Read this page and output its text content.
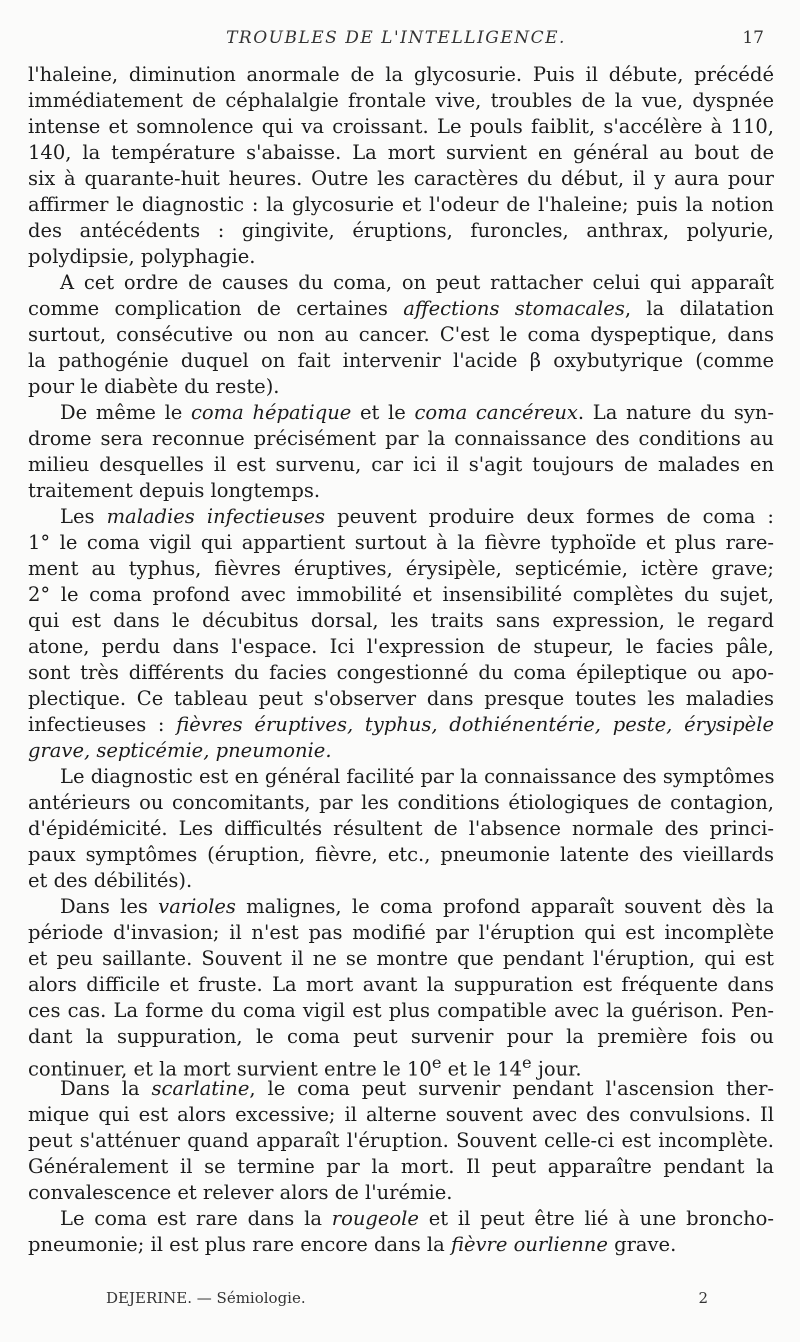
TROUBLES DE L'INTELLIGENCE.	17
l'haleine, diminution anormale de la glycosurie. Puis il débute, précédé
immédiatement de céphalalgie frontale vive, troubles de la vue, dyspnée
intense et somnolence qui va croissant. Le pouls faiblit, s'accélère à 110,
140, la température s'abaisse. La mort survient en général au bout de
six à quarante-huit heures. Outre les caractères du début, il y aura pour
affirmer le diagnostic : la glycosurie et l'odeur de l'haleine; puis la notion
des antécédents : gingivite, éruptions, furoncles, anthrax, polyurie,
polydipsie, polyphagie.
A cet ordre de causes du coma, on peut rattacher celui qui apparaît
comme complication de certaines affections stomacales, la dilatation
surtout, consécutive ou non au cancer. C'est le coma dyspeptique, dans
la pathogénie duquel on fait intervenir l'acide β oxybutyrique (comme
pour le diabète du reste).
De même le coma hépatique et le coma cancéreux. La nature du syn-
drome sera reconnue précisément par la connaissance des conditions au
milieu desquelles il est survenu, car ici il s'agit toujours de malades en
traitement depuis longtemps.
Les maladies infectieuses peuvent produire deux formes de coma :
1° le coma vigil qui appartient surtout à la fièvre typhoïde et plus rare-
ment au typhus, fièvres éruptives, érysipèle, septicémie, ictère grave;
2° le coma profond avec immobilité et insensibilité complètes du sujet,
qui est dans le décubitus dorsal, les traits sans expression, le regard
atone, perdu dans l'espace. Ici l'expression de stupeur, le facies pâle,
sont très différents du facies congestionné du coma épileptique ou apo-
plectique. Ce tableau peut s'observer dans presque toutes les maladies
infectieuses : fièvres éruptives, typhus, dothiénentérie, peste, érysipèle
grave, septicémie, pneumonie.
Le diagnostic est en général facilité par la connaissance des symptômes
antérieurs ou concomitants, par les conditions étiologiques de contagion,
d'épidémicité. Les difficultés résultent de l'absence normale des princi-
paux symptômes (éruption, fièvre, etc., pneumonie latente des vieillards
et des débilités).
Dans les varioles malignes, le coma profond apparaît souvent dès la
période d'invasion; il n'est pas modifié par l'éruption qui est incomplète
et peu saillante. Souvent il ne se montre que pendant l'éruption, qui est
alors difficile et fruste. La mort avant la suppuration est fréquente dans
ces cas. La forme du coma vigil est plus compatible avec la guérison. Pen-
dant la suppuration, le coma peut survenir pour la première fois ou
continuer, et la mort survient entre le 10e et le 14e jour.
Dans la scarlatine, le coma peut survenir pendant l'ascension ther-
mique qui est alors excessive; il alterne souvent avec des convulsions. Il
peut s'atténuer quand apparaît l'éruption. Souvent celle-ci est incomplète.
Généralement il se termine par la mort. Il peut apparaître pendant la
convalescence et relever alors de l'urémie.
Le coma est rare dans la rougeole et il peut être lié à une broncho-
pneumonie; il est plus rare encore dans la fièvre ourlienne grave.
DEJERINE. — Sémiologie.	2
